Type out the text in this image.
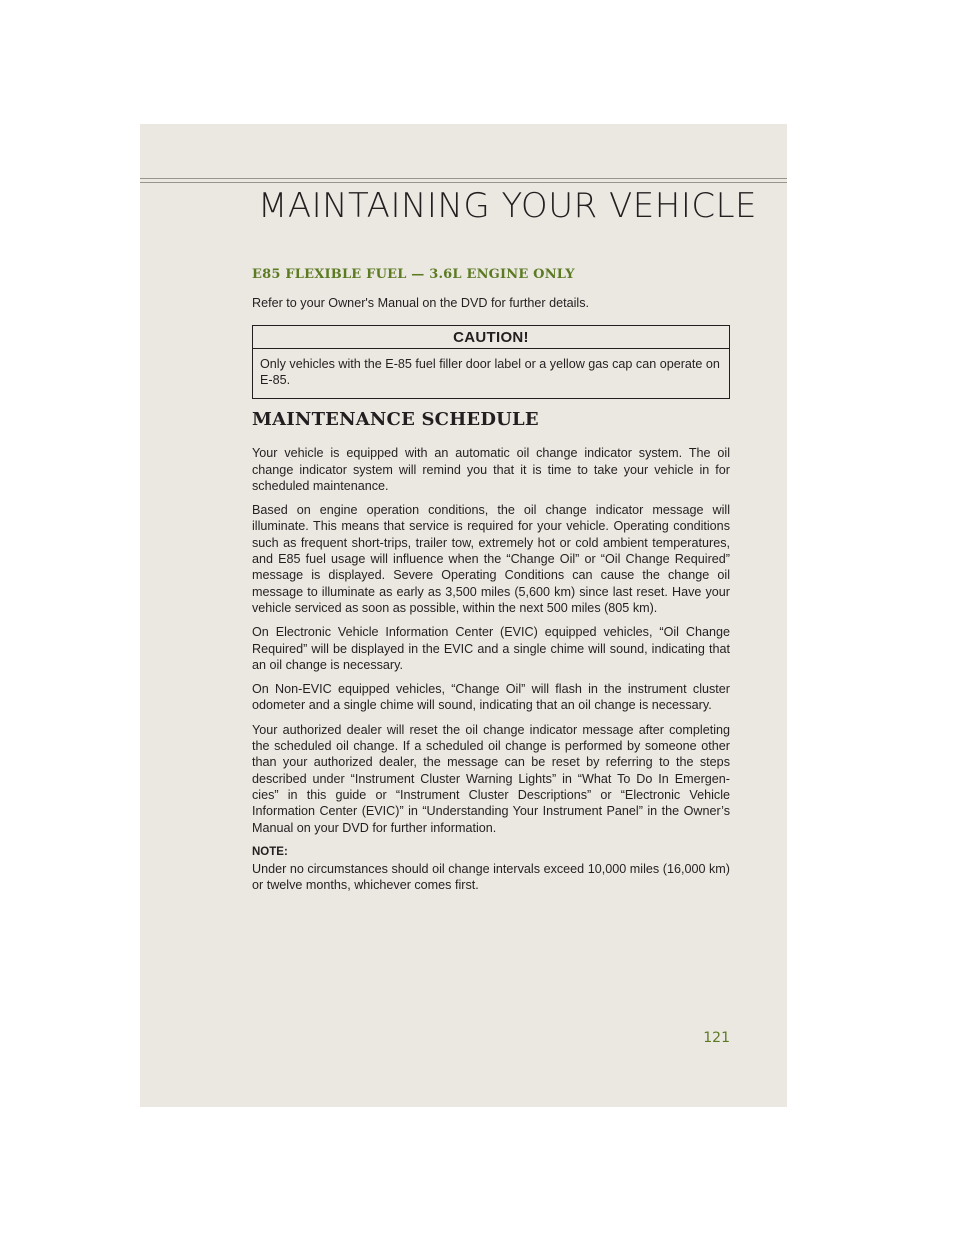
MAINTAINING YOUR VEHICLE
E85 FLEXIBLE FUEL — 3.6L ENGINE ONLY

Refer to your Owner's Manual on the DVD for further details.

CAUTION!
Only vehicles with the E-85 fuel filler door label or a yellow gas cap can operate on E-85.
MAINTENANCE SCHEDULE

Your vehicle is equipped with an automatic oil change indicator system. The oil change indicator system will remind you that it is time to take your vehicle in for scheduled maintenance.

Based on engine operation conditions, the oil change indicator message will illuminate. This means that service is required for your vehicle. Operating conditions such as frequent short-trips, trailer tow, extremely hot or cold ambient temperatures, and E85 fuel usage will influence when the “Change Oil” or “Oil Change Required” message is displayed. Severe Operating Conditions can cause the change oil message to illuminate as early as 3,500 miles (5,600 km) since last reset. Have your vehicle serviced as soon as possible, within the next 500 miles (805 km).

On Electronic Vehicle Information Center (EVIC) equipped vehicles, “Oil Change Required” will be displayed in the EVIC and a single chime will sound, indicating that an oil change is necessary.

On Non-EVIC equipped vehicles, “Change Oil” will flash in the instrument cluster odometer and a single chime will sound, indicating that an oil change is necessary.

Your authorized dealer will reset the oil change indicator message after completing the scheduled oil change. If a scheduled oil change is performed by someone other than your authorized dealer, the message can be reset by referring to the steps described under “Instrument Cluster Warning Lights” in “What To Do In Emergen-cies” in this guide or “Instrument Cluster Descriptions” or “Electronic Vehicle Information Center (EVIC)” in “Understanding Your Instrument Panel” in the Owner’s Manual on your DVD for further information.

NOTE:

Under no circumstances should oil change intervals exceed 10,000 miles (16,000 km) or twelve months, whichever comes first.

121
